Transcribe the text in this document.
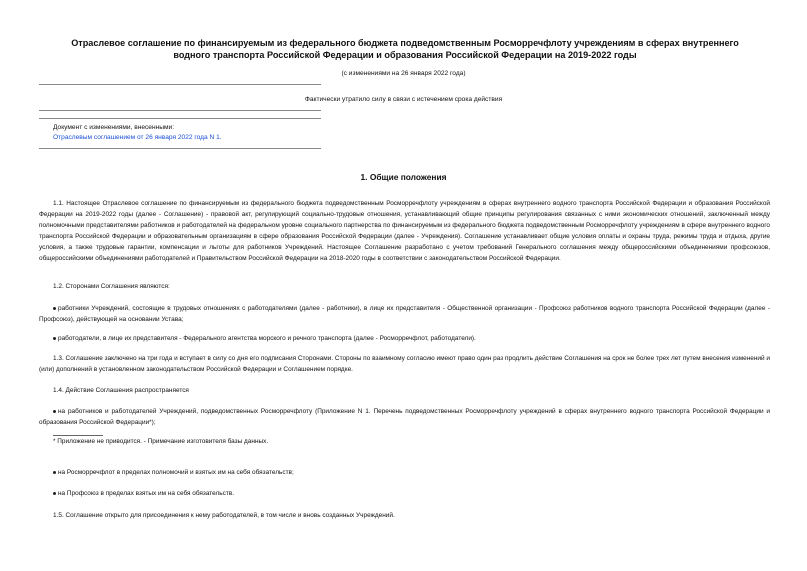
Отраслевое соглашение по финансируемым из федерального бюджета подведомственным Росморречфлоту учреждениям в сферах внутреннего водного транспорта Российской Федерации и образования Российской Федерации на 2019-2022 годы
(с изменениями на 26 января 2022 года)
Фактически утратило силу в связи с истечением срока действия
Документ с изменениями, внесенными:
Отраслевым соглашением от 26 января 2022 года N 1.
1. Общие положения
1.1. Настоящее Отраслевое соглашение по финансируемым из федерального бюджета подведомственным Росморречфлоту учреждениям в сферах внутреннего водного транспорта Российской Федерации и образования Российской Федерации на 2019-2022 годы (далее - Соглашение) - правовой акт, регулирующий социально-трудовые отношения, устанавливающий общие принципы регулирования связанных с ними экономических отношений, заключенный между полномочными представителями работников и работодателей на федеральном уровне социального партнерства по финансируемым из федерального бюджета подведомственным Росморречфлоту учреждениям в сфере внутреннего водного транспорта Российской Федерации и образовательным организациям в сфере образования Российской Федерации (далее - Учреждения). Соглашение устанавливает общие условия оплаты и охраны труда, режимы труда и отдыха, другие условия, а также трудовые гарантии, компенсации и льготы для работников Учреждений. Настоящее Соглашение разработано с учетом требований Генерального соглашения между общероссийскими объединениями профсоюзов, общероссийскими объединениями работодателей и Правительством Российской Федерации на 2018-2020 годы в соответствии с законодательством Российской Федерации.
1.2. Сторонами Соглашения являются:
работники Учреждений, состоящие в трудовых отношениях с работодателями (далее - работники), в лице их представителя - Общественной организации - Профсоюз работников водного транспорта Российской Федерации (далее - Профсоюз), действующей на основании Устава;
работодатели, в лице их представителя - Федерального агентства морского и речного транспорта (далее - Росморречфлот, работодатели).
1.3. Соглашение заключено на три года и вступает в силу со дня его подписания Сторонами. Стороны по взаимному согласию имеют право один раз продлить действие Соглашения на срок не более трех лет путем внесения изменений и (или) дополнений в установленном законодательством Российской Федерации и Соглашением порядке.
1.4. Действие Соглашения распространяется
на работников и работодателей Учреждений, подведомственных Росморречфлоту (Приложение N 1. Перечень подведомственных Росморречфлоту учреждений в сферах внутреннего водного транспорта Российской Федерации и образования Российской Федерации*);
* Приложение не приводится. - Примечание изготовителя базы данных.
на Росморречфлот в пределах полномочий и взятых им на себя обязательств;
на Профсоюз в пределах взятых им на себя обязательств.
1.5. Соглашение открыто для присоединения к нему работодателей, в том числе и вновь созданных Учреждений.
